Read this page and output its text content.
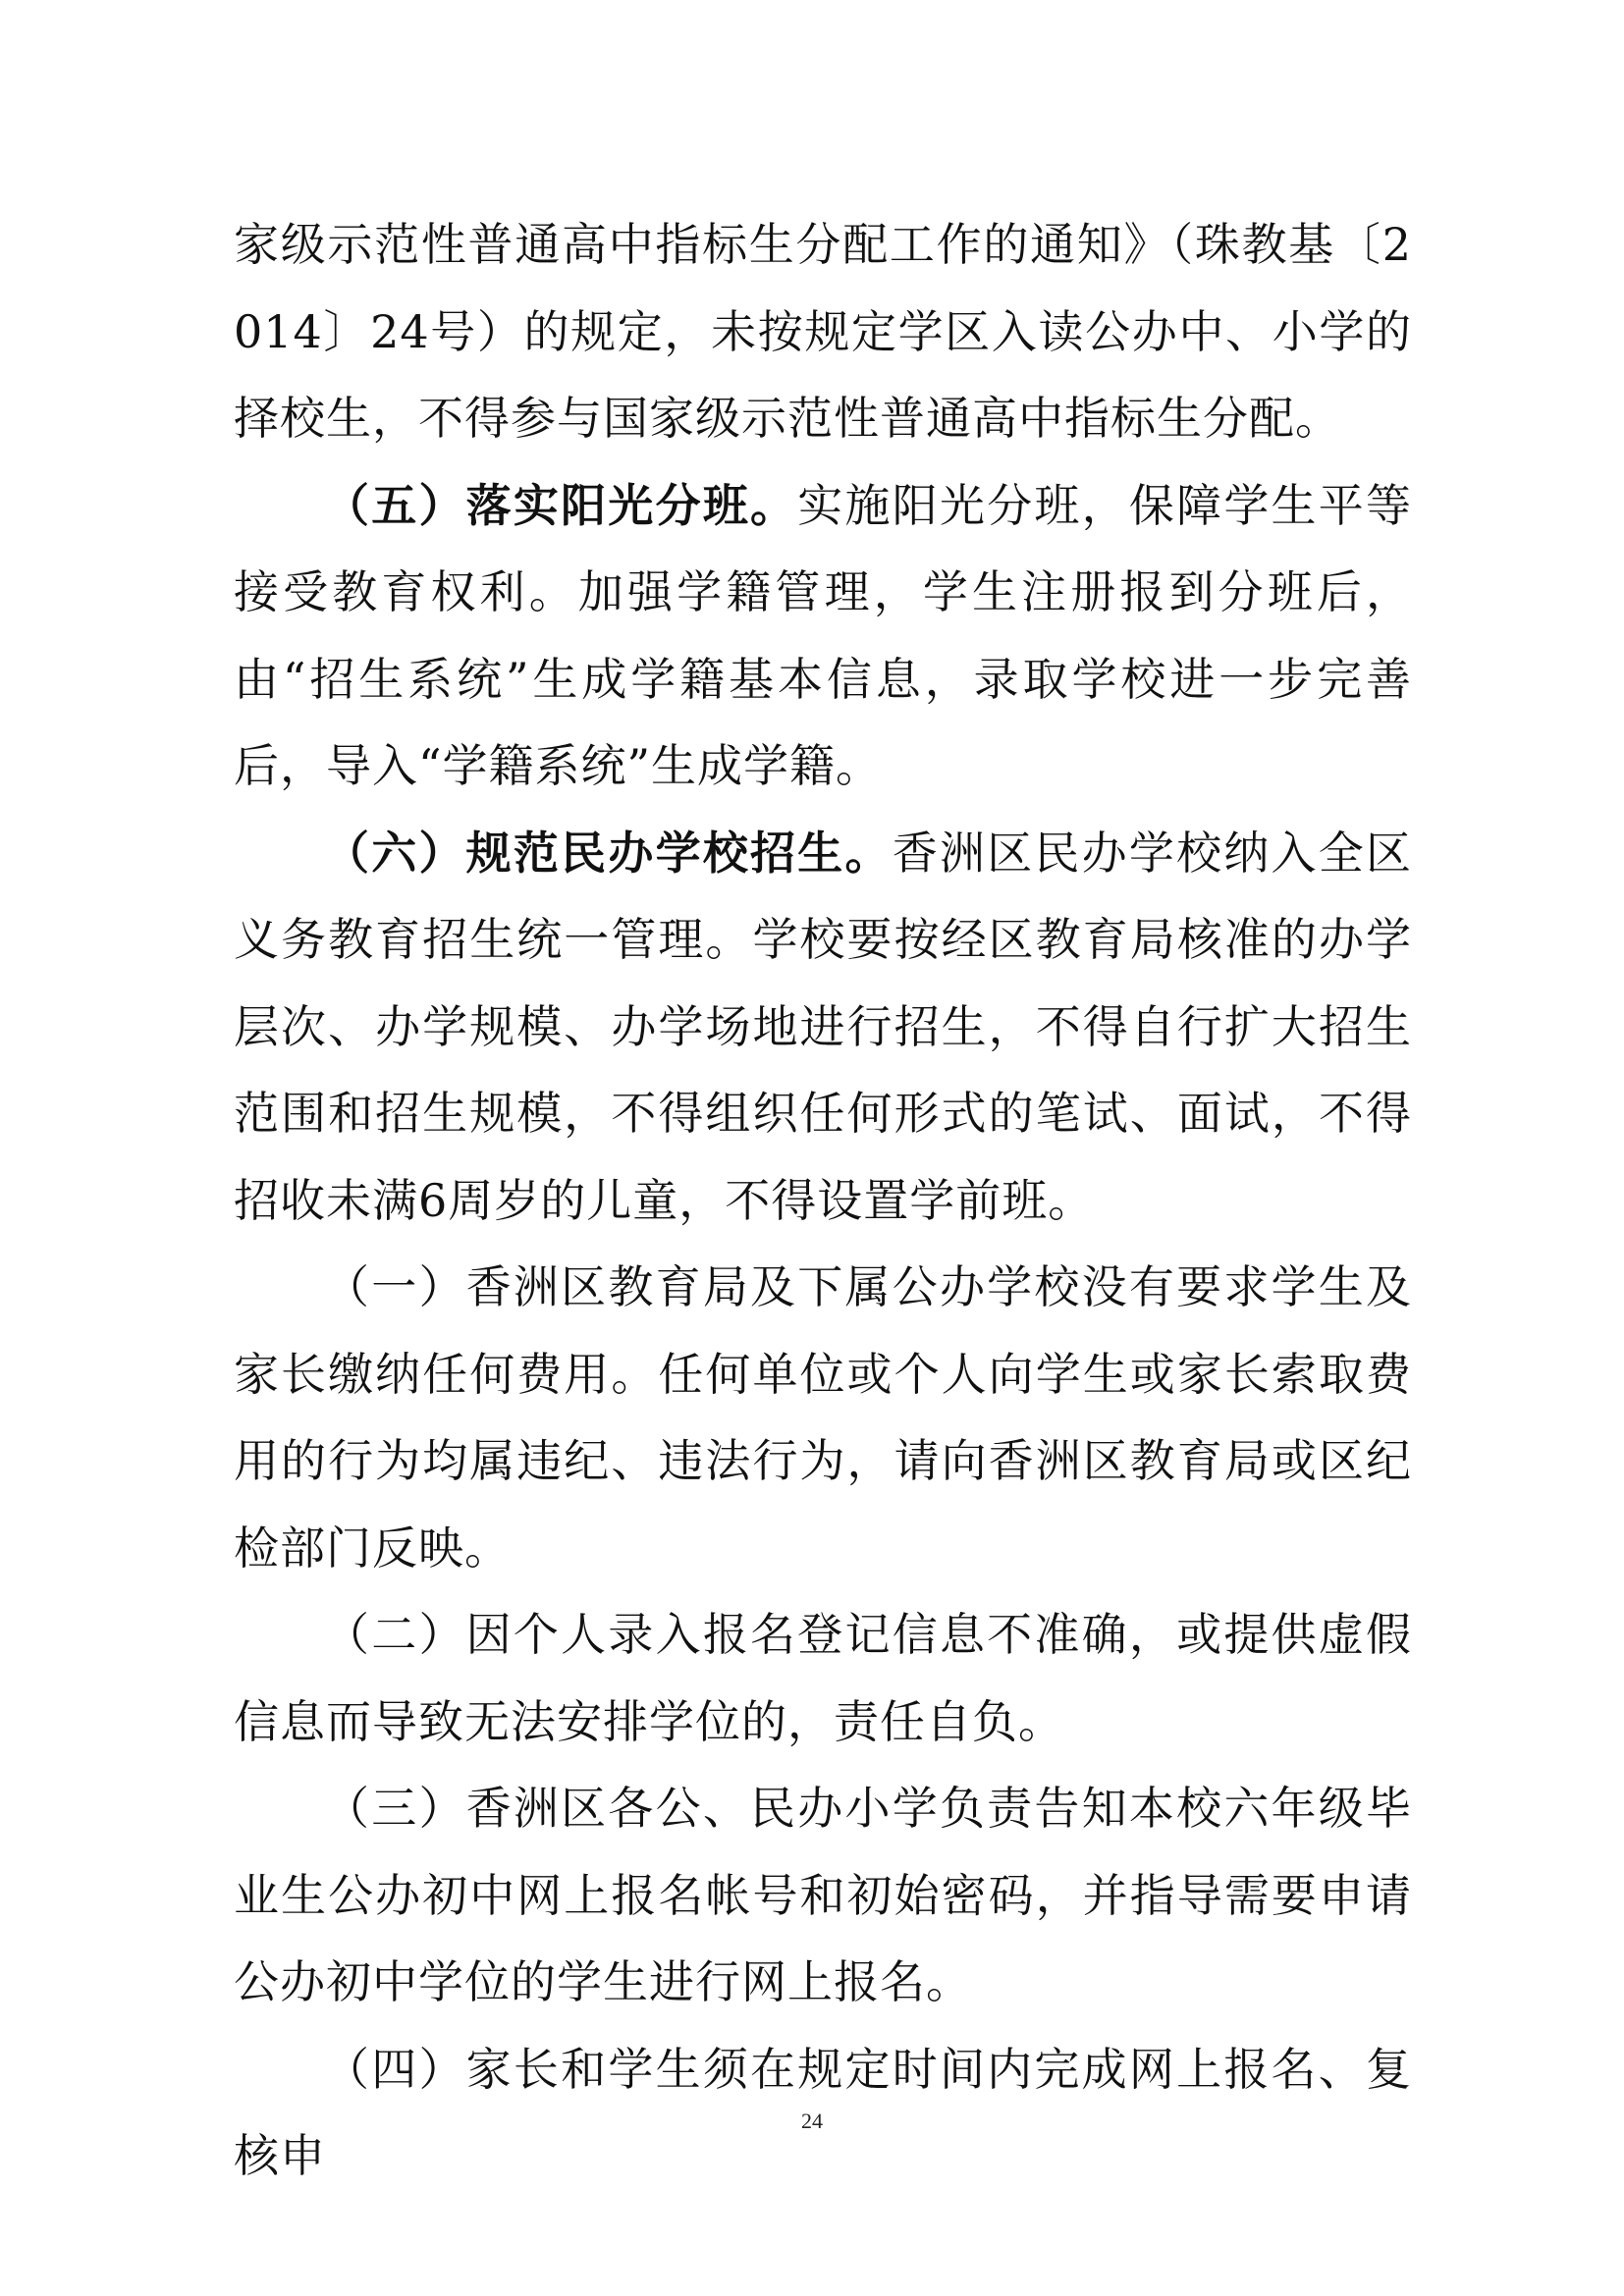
家级示范性普通高中指标生分配工作的通知》（珠教基〔2014〕24号）的规定，未按规定学区入读公办中、小学的择校生，不得参与国家级示范性普通高中指标生分配。

（五）落实阳光分班。实施阳光分班，保障学生平等接受教育权利。加强学籍管理，学生注册报到分班后，由“招生系统”生成学籍基本信息，录取学校进一步完善后，导入“学籍系统”生成学籍。

（六）规范民办学校招生。香洲区民办学校纳入全区义务教育招生统一管理。学校要按经区教育局核准的办学层次、办学规模、办学场地进行招生，不得自行扩大招生范围和招生规模，不得组织任何形式的笔试、面试，不得招收未满6周岁的儿童，不得设置学前班。

（一）香洲区教育局及下属公办学校没有要求学生及家长缴纳任何费用。任何单位或个人向学生或家长索取费用的行为均属违纪、违法行为，请向香洲区教育局或区纪检部门反映。

（二）因个人录入报名登记信息不准确，或提供虚假信息而导致无法安排学位的，责任自负。

（三）香洲区各公、民办小学负责告知本校六年级毕业生公办初中网上报名帐号和初始密码，并指导需要申请公办初中学位的学生进行网上报名。

（四）家长和学生须在规定时间内完成网上报名、复核申

24
